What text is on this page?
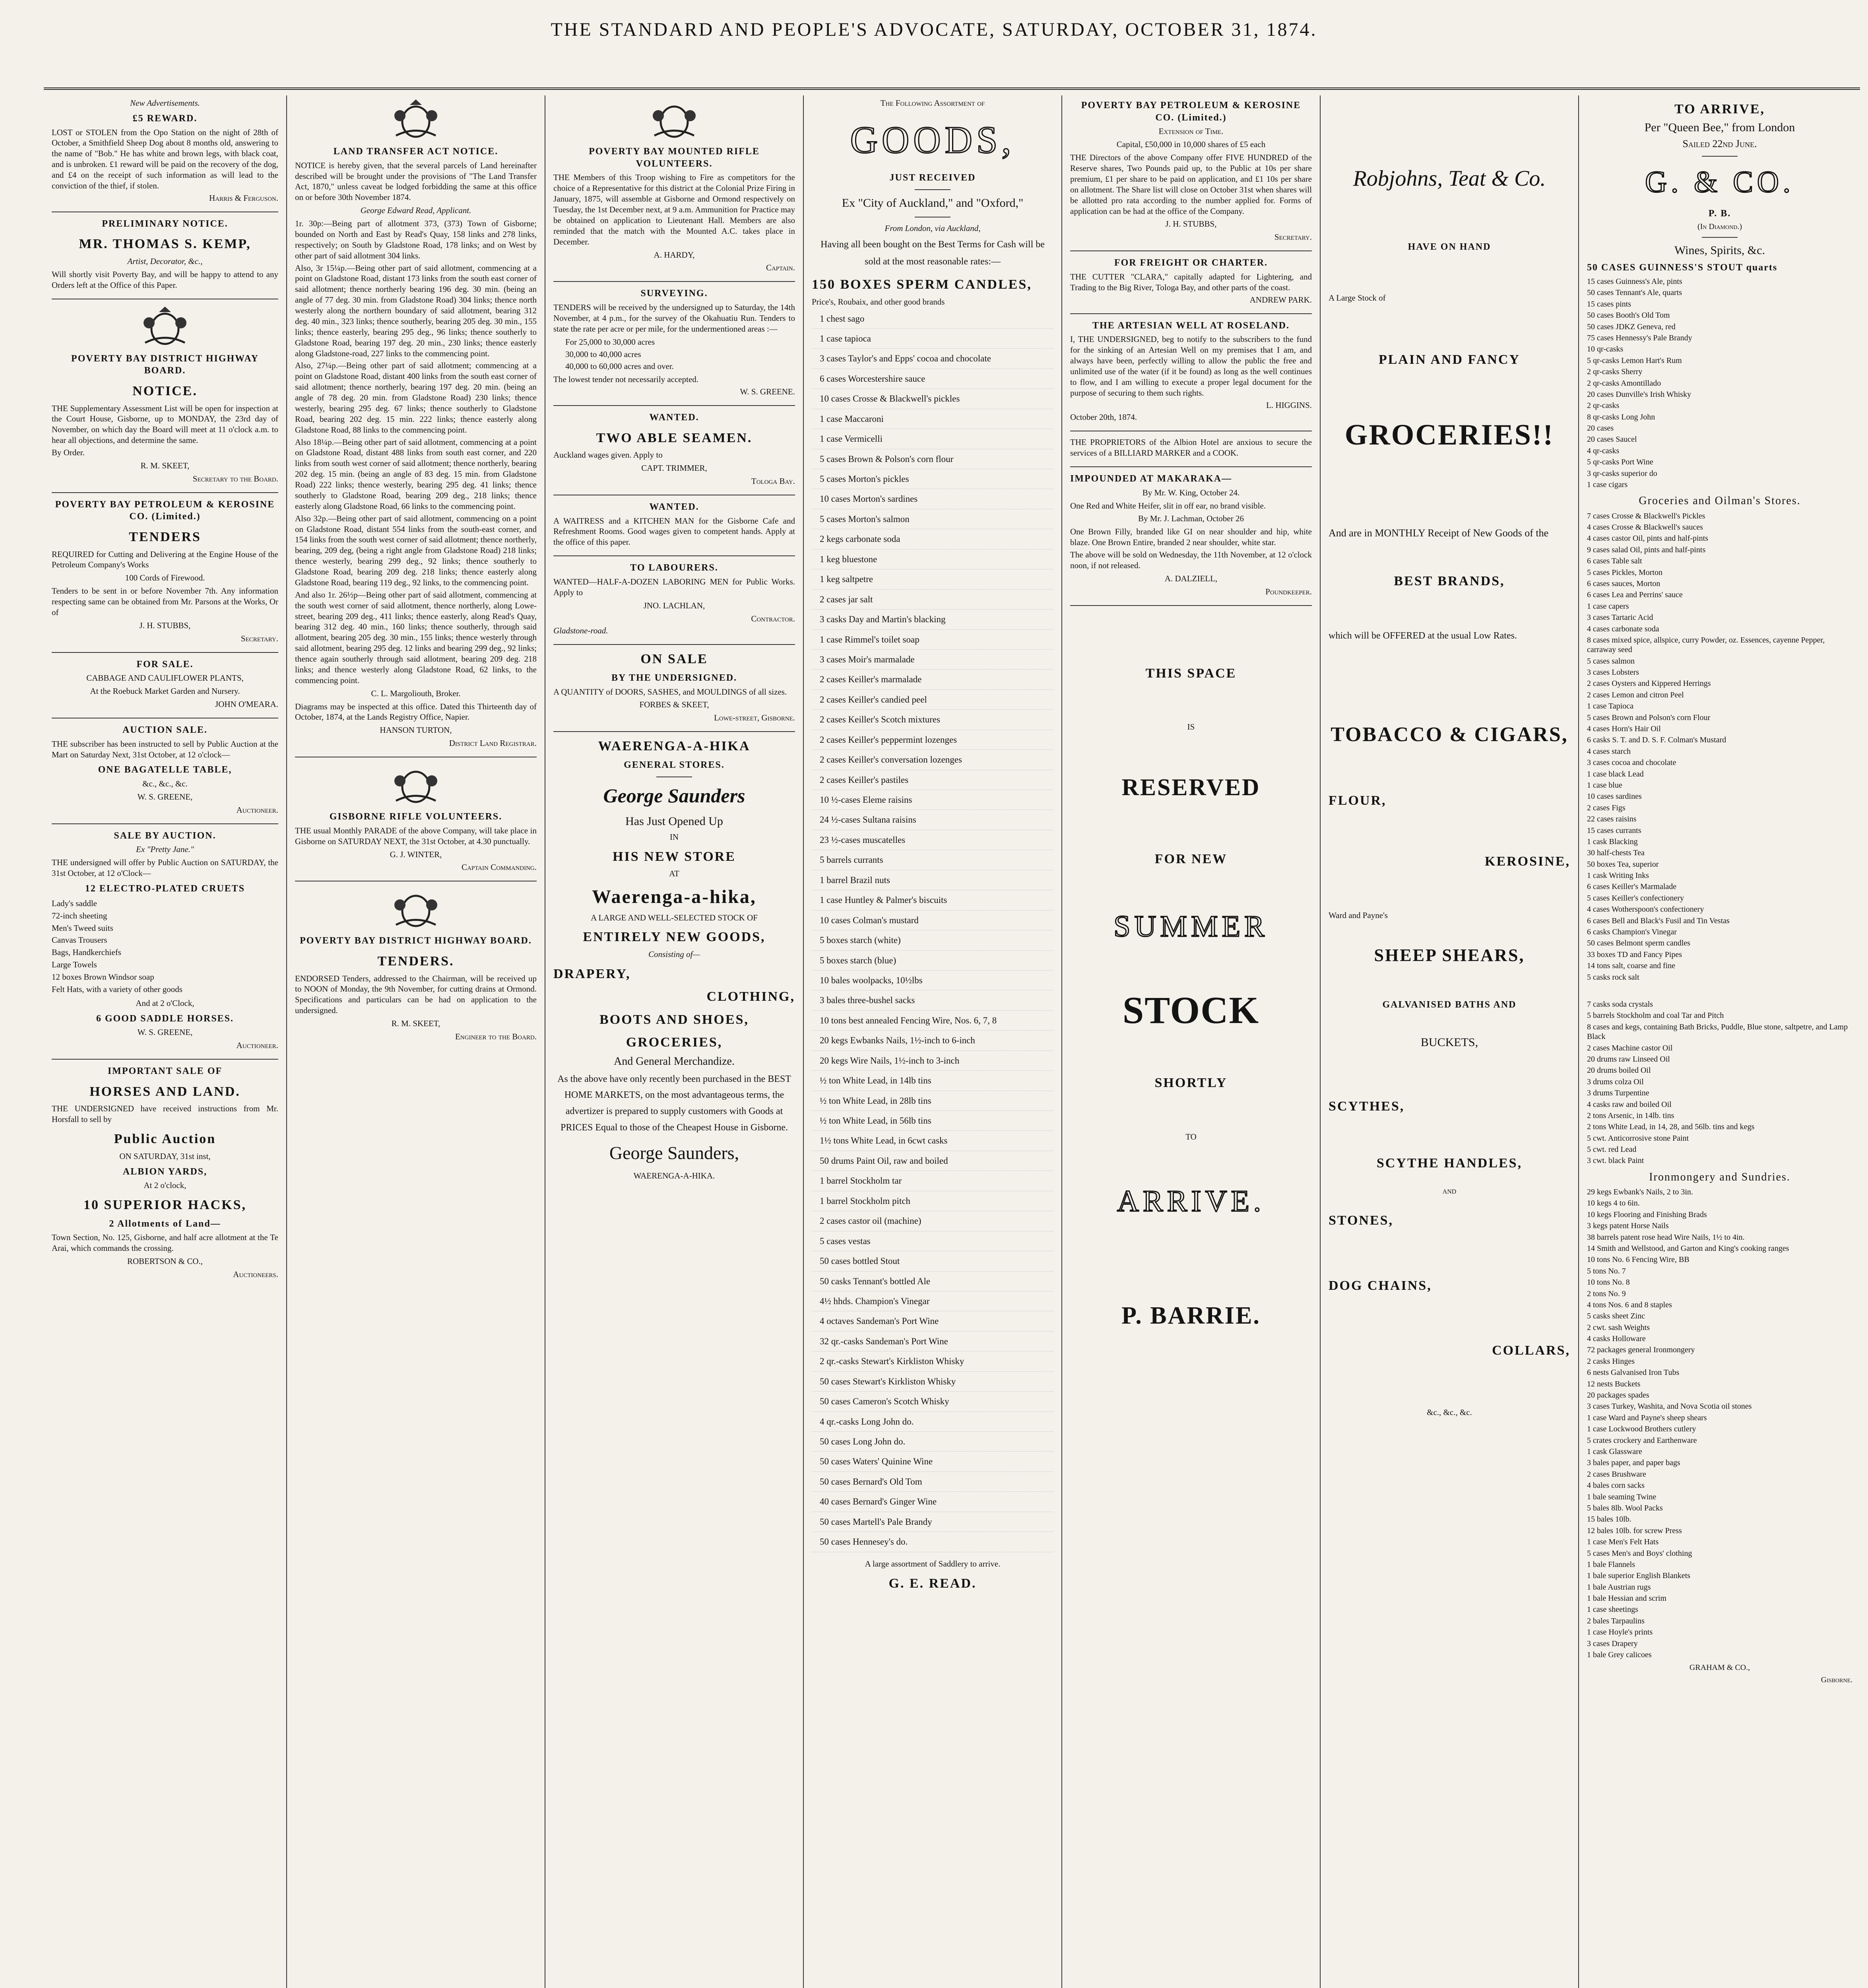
THE STANDARD AND PEOPLE'S ADVOCATE, SATURDAY, OCTOBER 31, 1874.
New Advertisements.
£5 REWARD.
LOST or STOLEN from the Opo Station on the night of 28th of October, a Smithfield Sheep Dog about 8 months old, answering to the name of "Bob." He has white and brown legs, with black coat, and is unbroken. £1 reward will be paid on the recovery of the dog, and £4 on the receipt of such information as will lead to the conviction of the thief, if stolen.
Harris & Ferguson.
PRELIMINARY NOTICE.
MR. THOMAS S. KEMP,
Artist, Decorator, &c.,
Will shortly visit Poverty Bay, and will be happy to attend to any Orders left at the Office of this Paper.
POVERTY BAY DISTRICT HIGHWAY BOARD.
NOTICE.
THE Supplementary Assessment List will be open for inspection at the Court House, Gisborne, up to MONDAY, the 23rd day of November, on which day the Board will meet at 11 o'clock a.m. to hear all objections, and determine the same.
By Order.
R. M. SKEET,
Secretary to the Board.
POVERTY BAY PETROLEUM & KEROSINE CO. (Limited.)
TENDERS
REQUIRED for Cutting and Delivering at the Engine House of the Petroleum Company's Works
100 Cords of Firewood.
Tenders to be sent in or before November 7th. Any information respecting same can be obtained from Mr. Parsons at the Works, Or of
J. H. STUBBS,
Secretary.
FOR SALE.
CABBAGE AND CAULIFLOWER PLANTS,
At the Roebuck Market Garden and Nursery.
JOHN O'MEARA.
AUCTION SALE.
THE subscriber has been instructed to sell by Public Auction at the Mart on Saturday Next, 31st October, at 12 o'clock—
ONE BAGATELLE TABLE,
&c., &c., &c.
W. S. GREENE,
Auctioneer.
SALE BY AUCTION.
Ex "Pretty Jane."
THE undersigned will offer by Public Auction on SATURDAY, the 31st October, at 12 o'Clock—
12 ELECTRO-PLATED CRUETS
Lady's saddle
72-inch sheeting
Men's Tweed suits
Canvas Trousers
Bags, Handkerchiefs
Large Towels
12 boxes Brown Windsor soap
Felt Hats, with a variety of other goods
And at 2 o'Clock,
6 GOOD SADDLE HORSES.
W. S. GREENE,
Auctioneer.
IMPORTANT SALE OF
HORSES AND LAND.
THE UNDERSIGNED have received instructions from Mr. Horsfall to sell by
Public Auction
ON SATURDAY, 31st inst,
ALBION YARDS,
At 2 o'clock,
10 SUPERIOR HACKS,
2 Allotments of Land—
Town Section, No. 125, Gisborne, and half acre allotment at the Te Arai, which commands the crossing.
ROBERTSON & CO.,
Auctioneers.
LAND TRANSFER ACT NOTICE.
NOTICE is hereby given, that the several parcels of Land hereinafter described will be brought under the provisions of "The Land Transfer Act, 1870," unless caveat be lodged forbidding the same at this office on or before 30th November 1874.
George Edward Read, Applicant.
1r. 30p:—Being part of allotment 373, (373) Town of Gisborne; bounded on North and East by Read's Quay, 158 links and 278 links, respectively; on South by Gladstone Road, 178 links; and on West by other part of said allotment 304 links.
Also, 3r 15¼p.—Being other part of said allotment, commencing at a point on Gladstone Road, distant 173 links from the south east corner of said allotment; thence northerly bearing 196 deg. 30 min. (being an angle of 77 deg. 30 min. from Gladstone Road) 304 links; thence north westerly along the northern boundary of said allotment, bearing 312 deg. 40 min., 323 links; thence southerly, bearing 205 deg. 30 min., 155 links; thence easterly, bearing 295 deg., 96 links; thence southerly to Gladstone Road, bearing 197 deg. 20 min., 230 links; thence easterly along Gladstone-road, 227 links to the commencing point.
Also, 27¼p.—Being other part of said allotment; commencing at a point on Gladstone Road, distant 400 links from the south east corner of said allotment; thence northerly, bearing 197 deg. 20 min. (being an angle of 78 deg. 20 min. from Gladstone Road) 230 links; thence westerly, bearing 295 deg. 67 links; thence southerly to Gladstone Road, bearing 202 deg. 15 min. 222 links; thence easterly along Gladstone Road, 88 links to the commencing point.
Also 18¼p.—Being other part of said allotment, commencing at a point on Gladstone Road, distant 488 links from south east corner, and 220 links from south west corner of said allotment; thence northerly, bearing 202 deg. 15 min. (being an angle of 83 deg. 15 min. from Gladstone Road) 222 links; thence westerly, bearing 295 deg. 41 links; thence southerly to Gladstone Road, bearing 209 deg., 218 links; thence easterly along Gladstone Road, 66 links to the commencing point.
Also 32p.—Being other part of said allotment, commencing on a point on Gladstone Road, distant 554 links from the south-east corner, and 154 links from the south west corner of said allotment; thence northerly, bearing, 209 deg, (being a right angle from Gladstone Road) 218 links; thence westerly, bearing 299 deg., 92 links; thence southerly to Gladstone Road, bearing 209 deg. 218 links; thence easterly along Gladstone Road, bearing 119 deg., 92 links, to the commencing point.
And also 1r. 26½p—Being other part of said allotment, commencing at the south west corner of said allotment, thence northerly, along Lowe-street, bearing 209 deg., 411 links; thence easterly, along Read's Quay, bearing 312 deg. 40 min., 160 links; thence southerly, through said allotment, bearing 205 deg. 30 min., 155 links; thence westerly through said allotment, bearing 295 deg. 12 links and bearing 299 deg., 92 links; thence again southerly through said allotment, bearing 209 deg. 218 links; and thence westerly along Gladstone Road, 62 links, to the commencing point.
C. L. Margoliouth, Broker.
Diagrams may be inspected at this office. Dated this Thirteenth day of October, 1874, at the Lands Registry Office, Napier.
HANSON TURTON,
District Land Registrar.
GISBORNE RIFLE VOLUNTEERS.
THE usual Monthly PARADE of the above Company, will take place in Gisborne on SATURDAY NEXT, the 31st October, at 4.30 punctually.
G. J. WINTER,
Captain Commanding.
POVERTY BAY DISTRICT HIGHWAY BOARD.
TENDERS.
ENDORSED Tenders, addressed to the Chairman, will be received up to NOON of Monday, the 9th November, for cutting drains at Ormond. Specifications and particulars can be had on application to the undersigned.
R. M. SKEET,
Engineer to the Board.
POVERTY BAY MOUNTED RIFLE VOLUNTEERS.
THE Members of this Troop wishing to Fire as competitors for the choice of a Representative for this district at the Colonial Prize Firing in January, 1875, will assemble at Gisborne and Ormond respectively on Tuesday, the 1st December next, at 9 a.m. Ammunition for Practice may be obtained on application to Lieutenant Hall. Members are also reminded that the match with the Mounted A.C. takes place in December.
A. HARDY,
Captain.
SURVEYING.
TENDERS will be received by the undersigned up to Saturday, the 14th November, at 4 p.m., for the survey of the Okahuatiu Run. Tenders to state the rate per acre or per mile, for the undermentioned areas :—
For 25,000 to 30,000 acres
30,000 to 40,000 acres
40,000 to 60,000 acres and over.
The lowest tender not necessarily accepted.
W. S. GREENE.
WANTED.
TWO ABLE SEAMEN.
Auckland wages given. Apply to
CAPT. TRIMMER,
Tologa Bay.
WANTED.
A WAITRESS and a KITCHEN MAN for the Gisborne Cafe and Refreshment Rooms. Good wages given to competent hands. Apply at the office of this paper.
TO LABOURERS.
WANTED—HALF-A-DOZEN LABORING MEN for Public Works. Apply to
JNO. LACHLAN,
Contractor.
Gladstone-road.
ON SALE
BY THE UNDERSIGNED.
A QUANTITY of DOORS, SASHES, and MOULDINGS of all sizes.
FORBES & SKEET,
Lowe-street, Gisborne.
WAERENGA-A-HIKA
GENERAL STORES.
George Saunders
Has Just Opened Up
IN
HIS NEW STORE
AT
Waerenga-a-hika,
A LARGE AND WELL-SELECTED STOCK OF
ENTIRELY NEW GOODS,
Consisting of—
DRAPERY,
CLOTHING,
BOOTS AND SHOES,
GROCERIES,
And General Merchandize.
As the above have only recently been purchased in the BEST HOME MARKETS, on the most advantageous terms, the advertizer is prepared to supply customers with Goods at PRICES Equal to those of the Cheapest House in Gisborne.
George Saunders,
WAERENGA-A-HIKA.
The Following Assortment of
GOODS,
JUST RECEIVED
Ex "City of Auckland," and "Oxford,"
From London, via Auckland,
Having all been bought on the Best Terms for Cash will be sold at the most reasonable rates:—
150 BOXES SPERM CANDLES,
Price's, Roubaix, and other good brands
1 chest sago
1 case tapioca
3 cases Taylor's and Epps' cocoa and chocolate
6 cases Worcestershire sauce
10 cases Crosse & Blackwell's pickles
1 case Maccaroni
1 case Vermicelli
5 cases Brown & Polson's corn flour
5 cases Morton's pickles
10 cases Morton's sardines
5 cases Morton's salmon
2 kegs carbonate soda
1 keg bluestone
1 keg saltpetre
2 cases jar salt
3 casks Day and Martin's blacking
1 case Rimmel's toilet soap
3 cases Moir's marmalade
2 cases Keiller's marmalade
2 cases Keiller's candied peel
2 cases Keiller's Scotch mixtures
2 cases Keiller's peppermint lozenges
2 cases Keiller's conversation lozenges
2 cases Keiller's pastiles
10 ½-cases Eleme raisins
24 ½-cases Sultana raisins
23 ½-cases muscatelles
5 barrels currants
1 barrel Brazil nuts
1 case Huntley & Palmer's biscuits
10 cases Colman's mustard
5 boxes starch (white)
5 boxes starch (blue)
10 bales woolpacks, 10½lbs
3 bales three-bushel sacks
10 tons best annealed Fencing Wire, Nos. 6, 7, 8
20 kegs Ewbanks Nails, 1½-inch to 6-inch
20 kegs Wire Nails, 1½-inch to 3-inch
½ ton White Lead, in 14lb tins
½ ton White Lead, in 28lb tins
½ ton White Lead, in 56lb tins
1½ tons White Lead, in 6cwt casks
50 drums Paint Oil, raw and boiled
1 barrel Stockholm tar
1 barrel Stockholm pitch
2 cases castor oil (machine)
5 cases vestas
50 cases bottled Stout
50 casks Tennant's bottled Ale
4½ hhds. Champion's Vinegar
4 octaves Sandeman's Port Wine
32 qr.-casks Sandeman's Port Wine
2 qr.-casks Stewart's Kirkliston Whisky
50 cases Stewart's Kirkliston Whisky
50 cases Cameron's Scotch Whisky
4 qr.-casks Long John do.
50 cases Long John do.
50 cases Waters' Quinine Wine
50 cases Bernard's Old Tom
40 cases Bernard's Ginger Wine
50 cases Martell's Pale Brandy
50 cases Hennesey's do.
A large assortment of Saddlery to arrive.
G. E. READ.
POVERTY BAY PETROLEUM & KEROSINE CO. (Limited.)
Extension of Time.
Capital, £50,000 in 10,000 shares of £5 each
THE Directors of the above Company offer FIVE HUNDRED of the Reserve shares, Two Pounds paid up, to the Public at 10s per share premium, £1 per share to be paid on application, and £1 10s per share on allotment. The Share list will close on October 31st when shares will be allotted pro rata according to the number applied for. Forms of application can be had at the office of the Company.
J. H. STUBBS,
Secretary.
FOR FREIGHT OR CHARTER.
THE CUTTER "CLARA," capitally adapted for Lightering, and Trading to the Big River, Tologa Bay, and other parts of the coast.
ANDREW PARK.
THE ARTESIAN WELL AT ROSELAND.
I, THE UNDERSIGNED, beg to notify to the subscribers to the fund for the sinking of an Artesian Well on my premises that I am, and always have been, perfectly willing to allow the public the free and unlimited use of the water (if it be found) as long as the well continues to flow, and I am willing to execute a proper legal document for the purpose of securing to them such rights.
L. HIGGINS.
October 20th, 1874.
THE PROPRIETORS of the Albion Hotel are anxious to secure the services of a BILLIARD MARKER and a COOK.
IMPOUNDED AT MAKARAKA—
By Mr. W. King, October 24.
One Red and White Heifer, slit in off ear, no brand visible.
By Mr. J. Lachman, October 26
One Brown Filly, branded like GI on near shoulder and hip, white blaze. One Brown Entire, branded 2 near shoulder, white star.
The above will be sold on Wednesday, the 11th November, at 12 o'clock noon, if not released.
A. DALZIELL,
Poundkeeper.
THIS SPACE
IS
RESERVED
FOR NEW
SUMMER
STOCK
SHORTLY
TO
ARRIVE.
P. BARRIE.
Robjohns, Teat & Co.
HAVE ON HAND
A Large Stock of
PLAIN AND FANCY
GROCERIES!!
And are in MONTHLY Receipt of New Goods of the
BEST BRANDS,
which will be OFFERED at the usual Low Rates.
TOBACCO & CIGARS,
FLOUR,
KEROSINE,
Ward and Payne's
SHEEP SHEARS,
GALVANISED BATHS AND
BUCKETS,
SCYTHES,
SCYTHE HANDLES,
AND
STONES,
DOG CHAINS,
COLLARS,
&c., &c., &c.
TO ARRIVE,
Per "Queen Bee," from London
Sailed 22nd June.
G. & CO.
P. B.
(In Diamond.)
Wines, Spirits, &c.
50 CASES GUINNESS'S STOUT quarts
15 cases Guinness's Ale, pints
50 cases Tennant's Ale, quarts
15 cases pints
50 cases Booth's Old Tom
50 cases JDKZ Geneva, red
75 cases Hennessy's Pale Brandy
10 qr-casks
5 qr-casks Lemon Hart's Rum
2 qr-casks Sherry
2 qr-casks Amontillado
20 cases Dunville's Irish Whisky
2 qr-casks
8 qr-casks Long John
20 cases
20 cases Saucel
4 qr-casks
5 qr-casks Port Wine
3 qr-casks superior do
1 case cigars
Groceries and Oilman's Stores.
7 cases Crosse & Blackwell's Pickles
4 cases Crosse & Blackwell's sauces
4 cases castor Oil, pints and half-pints
9 cases salad Oil, pints and half-pints
6 cases Table salt
5 cases Pickles, Morton
6 cases sauces, Morton
6 cases Lea and Perrins' sauce
1 case capers
3 cases Tartaric Acid
4 cases carbonate soda
8 cases mixed spice, allspice, curry Powder, oz. Essences, cayenne Pepper, carraway seed
5 cases salmon
3 cases Lobsters
2 cases Oysters and Kippered Herrings
2 cases Lemon and citron Peel
1 case Tapioca
5 cases Brown and Polson's corn Flour
4 cases Horn's Hair Oil
6 casks S. T. and D. S. F. Colman's Mustard
4 cases starch
3 cases cocoa and chocolate
1 case black Lead
1 case blue
10 cases sardines
2 cases Figs
22 cases raisins
15 cases currants
1 cask Blacking
30 half-chests Tea
50 boxes Tea, superior
1 cask Writing Inks
6 cases Keiller's Marmalade
5 cases Keiller's confectionery
4 cases Wotherspoon's confectionery
6 cases Bell and Black's Fusil and Tin Vestas
6 casks Champion's Vinegar
50 cases Belmont sperm candles
33 boxes TD and Fancy Pipes
14 tons salt, coarse and fine
5 casks rock salt
7 casks soda crystals
5 barrels Stockholm and coal Tar and Pitch
8 cases and kegs, containing Bath Bricks, Puddle, Blue stone, saltpetre, and Lamp Black
2 cases Machine castor Oil
20 drums raw Linseed Oil
20 drums boiled Oil
3 drums colza Oil
3 drums Turpentine
4 casks raw and boiled Oil
2 tons Arsenic, in 14lb. tins
2 tons White Lead, in 14, 28, and 56lb. tins and kegs
5 cwt. Anticorrosive stone Paint
5 cwt. red Lead
3 cwt. black Paint
Ironmongery and Sundries.
29 kegs Ewbank's Nails, 2 to 3in.
10 kegs 4 to 6in.
10 kegs Flooring and Finishing Brads
3 kegs patent Horse Nails
38 barrels patent rose head Wire Nails, 1½ to 4in.
14 Smith and Wellstood, and Garton and King's cooking ranges
10 tons No. 6 Fencing Wire, BB
5 tons No. 7
10 tons No. 8
2 tons No. 9
4 tons Nos. 6 and 8 staples
5 casks sheet Zinc
2 cwt. sash Weights
4 casks Holloware
72 packages general Ironmongery
2 casks Hinges
6 nests Galvanised Iron Tubs
12 nests Buckets
20 packages spades
3 cases Turkey, Washita, and Nova Scotia oil stones
1 case Ward and Payne's sheep shears
1 case Lockwood Brothers cutlery
5 crates crockery and Earthenware
1 cask Glassware
3 bales paper, and paper bags
2 cases Brushware
4 bales corn sacks
1 bale seaming Twine
5 bales 8lb. Wool Packs
15 bales 10lb.
12 bales 10lb. for screw Press
1 case Men's Felt Hats
5 cases Men's and Boys' clothing
1 bale Flannels
1 bale superior English Blankets
1 bale Austrian rugs
1 bale Hessian and scrim
1 case sheetings
2 bales Tarpaulins
1 case Hoyle's prints
3 cases Drapery
1 bale Grey calicoes
GRAHAM & CO.,
Gisborne.
